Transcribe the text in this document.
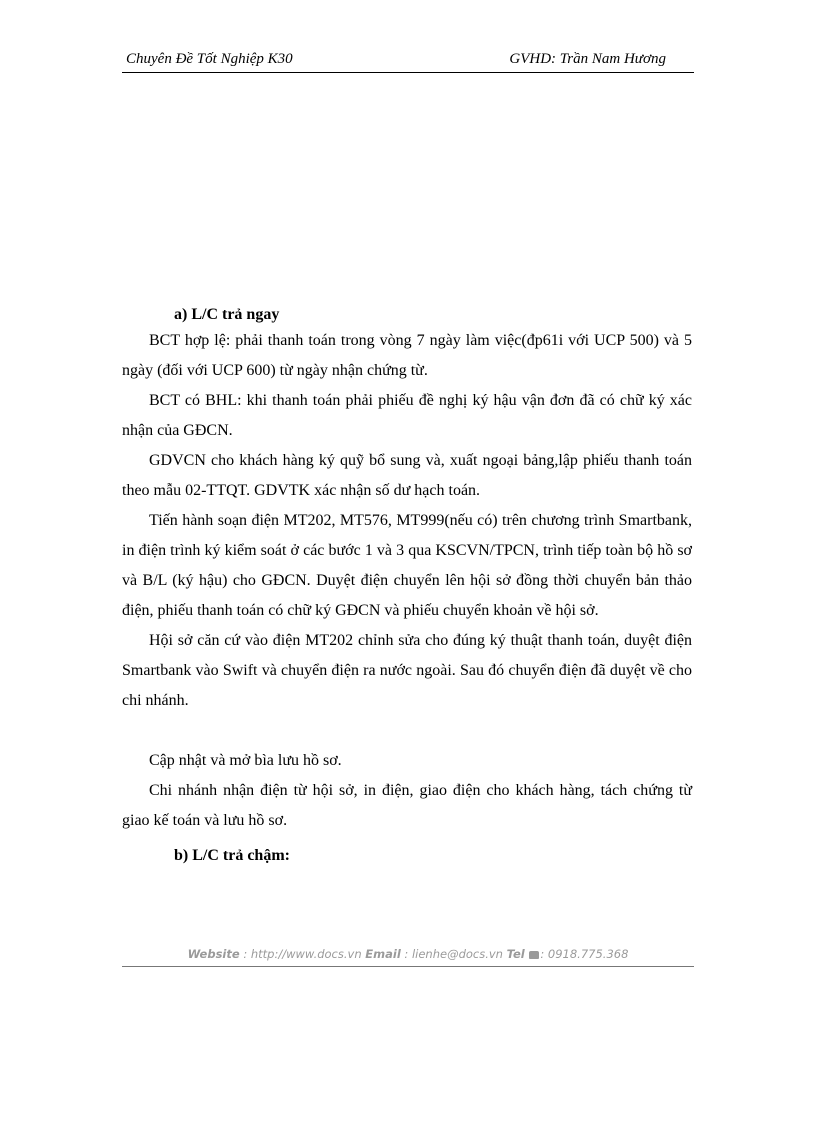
Chuyên Đề Tốt Nghiệp K30	GVHD: Trần Nam Hương
a) L/C trả ngay

BCT hợp lệ: phải thanh toán trong vòng 7 ngày làm việc(đp61i với UCP 500) và 5 ngày (đối với UCP 600) từ ngày nhận chứng từ.

BCT có BHL: khi thanh toán phải phiếu đề nghị ký hậu vận đơn đã có chữ ký xác nhận của GĐCN.

GDVCN cho khách hàng ký quỹ bổ sung và, xuất ngoại bảng,lập phiếu thanh toán theo mẫu 02-TTQT. GDVTK xác nhận số dư hạch toán.

Tiến hành soạn điện MT202, MT576, MT999(nếu có) trên chương trình Smartbank, in điện trình ký kiểm soát ở các bước 1 và 3 qua KSCVN/TPCN, trình tiếp toàn bộ hồ sơ và B/L (ký hậu) cho GĐCN. Duyệt điện chuyển lên hội sở đồng thời chuyển bản thảo điện, phiếu thanh toán có chữ ký GĐCN và phiếu chuyển khoản về hội sở.

Hội sở căn cứ vào điện MT202 chỉnh sửa cho đúng ký thuật thanh toán, duyệt điện Smartbank vào Swift và chuyển điện ra nước ngoài. Sau đó chuyển điện đã duyệt về cho chi nhánh.

Cập nhật và mở bìa lưu hồ sơ.

Chi nhánh nhận điện từ hội sở, in điện, giao điện cho khách hàng, tách chứng từ giao kế toán và lưu hồ sơ.

b) L/C trả chậm:
Website : http://www.docs.vn Email : lienhe@docs.vn Tel : 0918.775.368
